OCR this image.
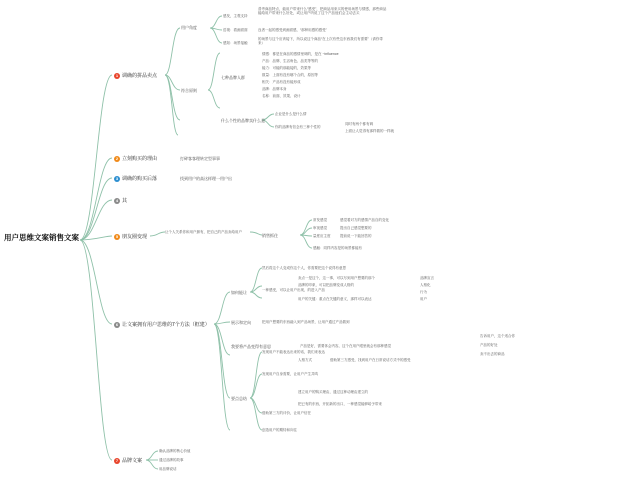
用户思维文案销售文案
1 调确的拼品卖点
2 立刻购买的理由
3 调确的购买后落
4 其
5 朋友圈变现
6 让文案拥有用户思维的7个方法（框建）
7 品牌文案
用户角度
感发，主观支持
普考商品特点，能用户带来什么“感受”，把商品用来买的使用场景与情感，那些商品能给用户带来什么好处，或让用户听说了这个产品他们会主动去买
语境：看画面面	良者一起的感受到画面感，“那种用感的感受”
感知：场景接触
的场景与这个应该接下，所以说这个商品“在上次有些这东西我们有需要”（请你带来）
符合原则
七种品牌人群
情感：都是在商品的感情里调的，是在 ~influence
产品：品牌、生活角色、品类等等的
能力：可能的那能接的，效果等
数量：上面有没有哪个合的，原因等
相关：产品有没有能形成
品牌：品牌本身
名称：前面、效果、设计
什么个性的品牌卖什么是
企业是什么是什么情
你的品牌有信念有三种个性的
同时有两个都有调
上面让人觉得有那样做的一样就
打碎客客理转定型事事
找到用户的高这样理一用户出
让个人关系你和用户拥有，把自己的产品卖给用户
销售抓住
常发感觉	感觉着对方的感情产品自的变化
审视感觉	提出自己感觉想要的
量度应主度	提前说一下能回答的
感触：同样内容是的场景都能有
如何能让	一种感受，可以让用户出现，的进入产品
然后将这个人变成你这个人，你需要把这个说得有意思
卖点一是这个，这一事，可以写到用户想要的那个
品牌的印象，可以把品牌变成人格的
用户的关键：重点在关键的意义，那样可以表达
品牌宣言
人格化
行为
用户
展示和定向	把用户想要的东西融入到产品场景，让用户通过产品做到
我要将产品变得有意思	产品是好，需要体会内容，这个在用户眼里就会有那种感觉
要点总结
发现用户不能表达出来的话，我们来表达
发现用户自身需要，让用户产生共鸣
借助第三方的评价，让用户信任
创造用户的期待和向往
人格方式	借助第三方感受，找到用户在日常说话方式中的感受
建立用户的购买理由，通过这种动理由建立的
把已有的东西，开拓新的出口，一种感觉能够给予带来
告诉用户，这个适合你
产品的好处
卖不出去的商品
确认品牌的核心价值
通过品牌的故事
用品牌说话
